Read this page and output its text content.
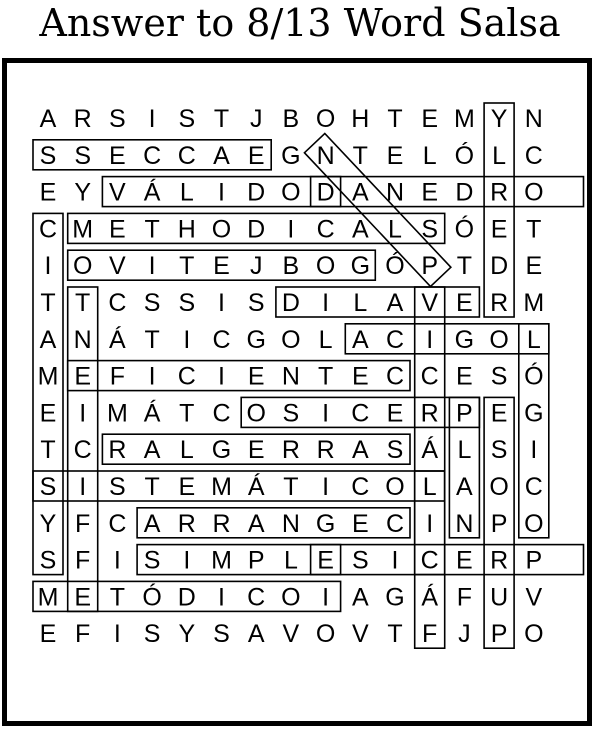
Answer to 8/13 Word Salsa
A R S I S T J B O H T E M Y N
S S E C C A E G N T E L Ó L C
E Y V Á L I D O D A N E D R O
C M E T H O D I C A L S Ó E T
I O V I T E J B O G Ó P T D E
T T C S S I S D I L A V E R M
A N Á T I C G O L A C I G O L
M E F I C I E N T E C C E S Ó
E I M Á T C O S I C E R P E G
T C R A L G E R R A S Á L S I
S I S T E M Á T I C O L A O C
Y F C A R R A N G E C I N P O
S F I S I M P L E S I C E R P
M E T Ó D I C O I A G Á F U V
E F I S Y S A V O V T F J P O
